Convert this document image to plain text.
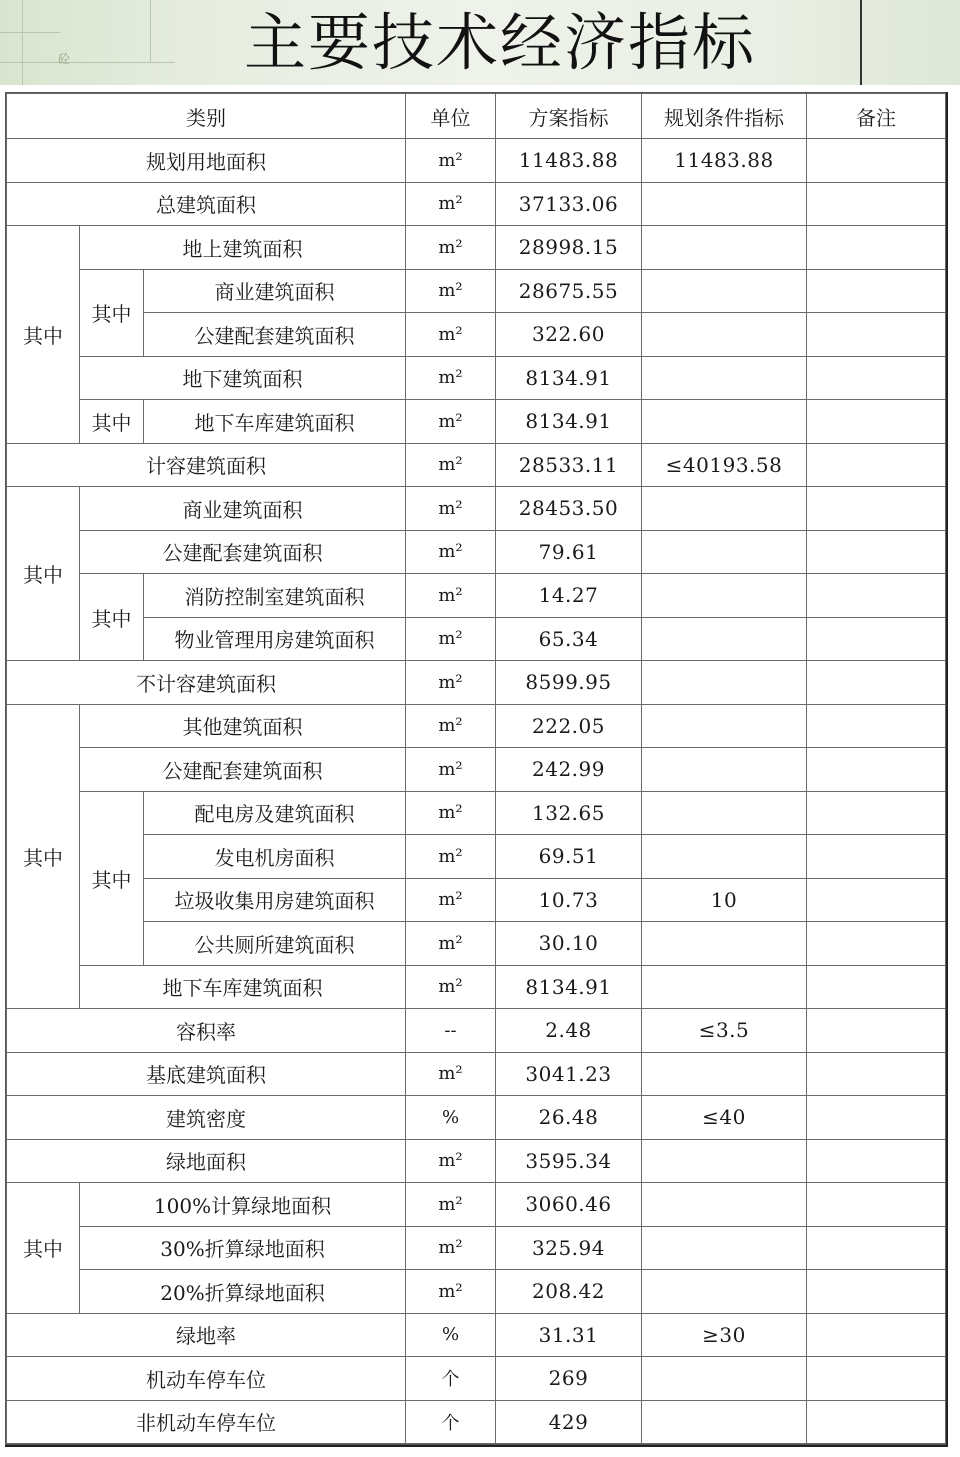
砼	主要技术经济指标
类别			单位	方案指标	规划条件指标	备注
规划用地面积			m²	11483.88	11483.88	
总建筑面积			m²	37133.06		
其中	地上建筑面积		m²	28998.15		
	其中	商业建筑面积	m²	28675.55		
		公建配套建筑面积	m²	322.60		
	地下建筑面积		m²	8134.91		
	其中	地下车库建筑面积	m²	8134.91		
计容建筑面积			m²	28533.11	≤40193.58	
其中	商业建筑面积		m²	28453.50		
	公建配套建筑面积		m²	79.61		
	其中	消防控制室建筑面积	m²	14.27		
		物业管理用房建筑面积	m²	65.34		
不计容建筑面积			m²	8599.95		
其中	其他建筑面积		m²	222.05		
	公建配套建筑面积		m²	242.99		
	其中	配电房及建筑面积	m²	132.65		
		发电机房面积	m²	69.51		
		垃圾收集用房建筑面积	m²	10.73	10	
		公共厕所建筑面积	m²	30.10		
	地下车库建筑面积		m²	8134.91		
容积率			--	2.48	≤3.5	
基底建筑面积			m²	3041.23		
建筑密度			%	26.48	≤40	
绿地面积			m²	3595.34		
其中	100%计算绿地面积		m²	3060.46		
	30%折算绿地面积		m²	325.94		
	20%折算绿地面积		m²	208.42		
绿地率			%	31.31	≥30	
机动车停车位			个	269		
非机动车停车位			个	429		
